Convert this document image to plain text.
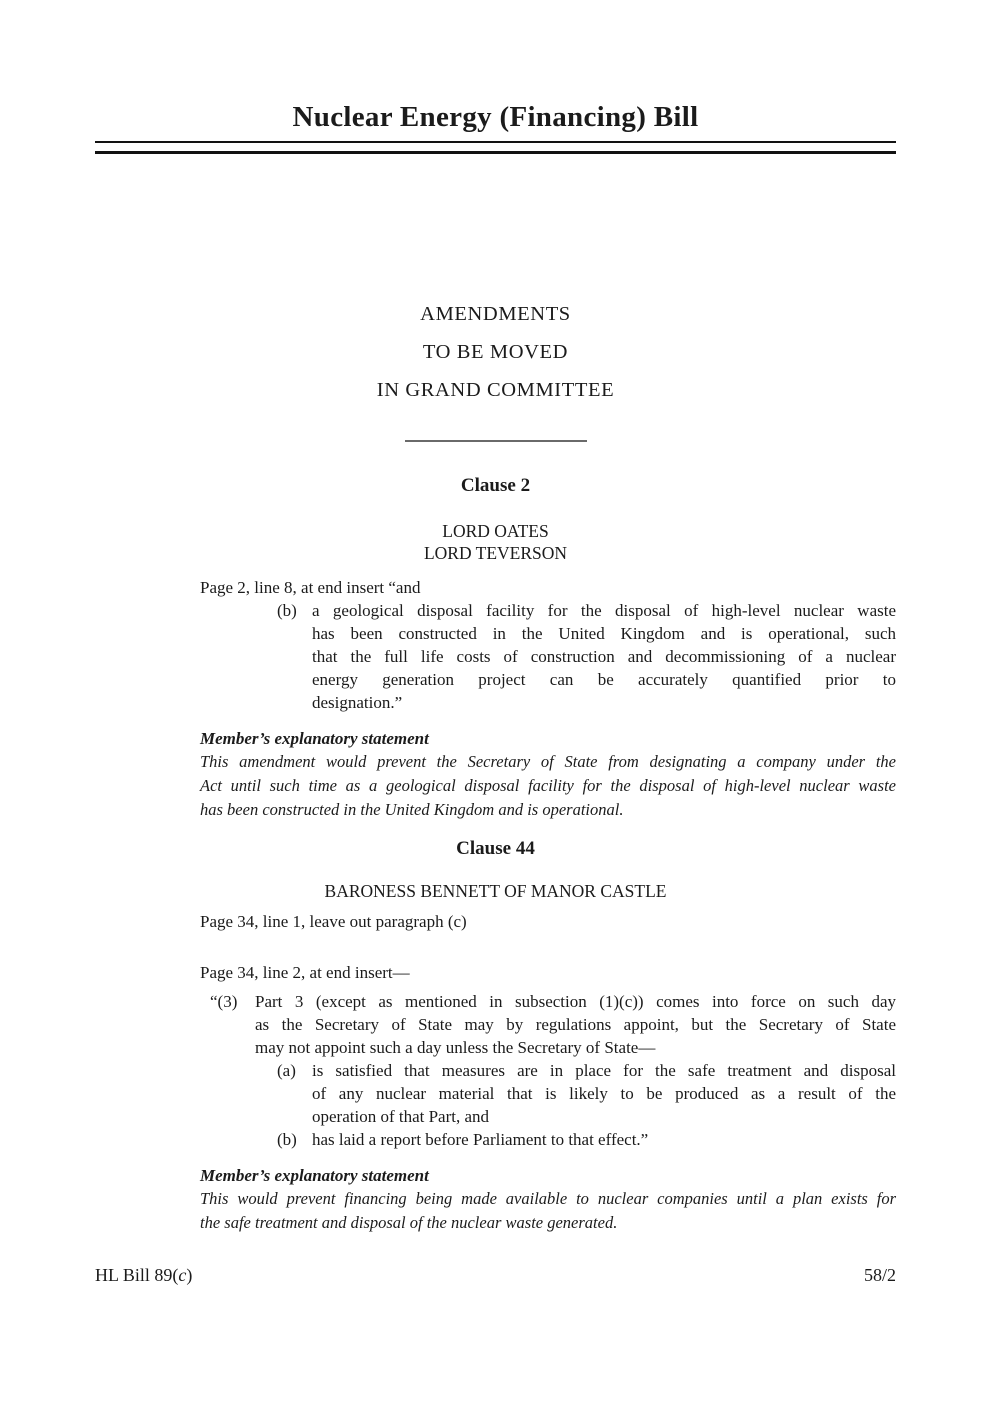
Nuclear Energy (Financing) Bill
AMENDMENTS
TO BE MOVED
IN GRAND COMMITTEE
Clause 2
LORD OATES
LORD TEVERSON
Page 2, line 8, at end insert “and
(b) a geological disposal facility for the disposal of high-level nuclear waste
has been constructed in the United Kingdom and is operational, such
that the full life costs of construction and decommissioning of a nuclear
energy generation project can be accurately quantified prior to
designation.”
Member’s explanatory statement
This amendment would prevent the Secretary of State from designating a company under the
Act until such time as a geological disposal facility for the disposal of high-level nuclear waste
has been constructed in the United Kingdom and is operational.
Clause 44
BARONESS BENNETT OF MANOR CASTLE
Page 34, line 1, leave out paragraph (c)
Page 34, line 2, at end insert—
“(3)	Part 3 (except as mentioned in subsection (1)(c)) comes into force on such day
as the Secretary of State may by regulations appoint, but the Secretary of State
may not appoint such a day unless the Secretary of State—
(a) is satisfied that measures are in place for the safe treatment and disposal
of any nuclear material that is likely to be produced as a result of the
operation of that Part, and
(b) has laid a report before Parliament to that effect.”
Member’s explanatory statement
This would prevent financing being made available to nuclear companies until a plan exists for
the safe treatment and disposal of the nuclear waste generated.
HL Bill 89(c)	58/2
